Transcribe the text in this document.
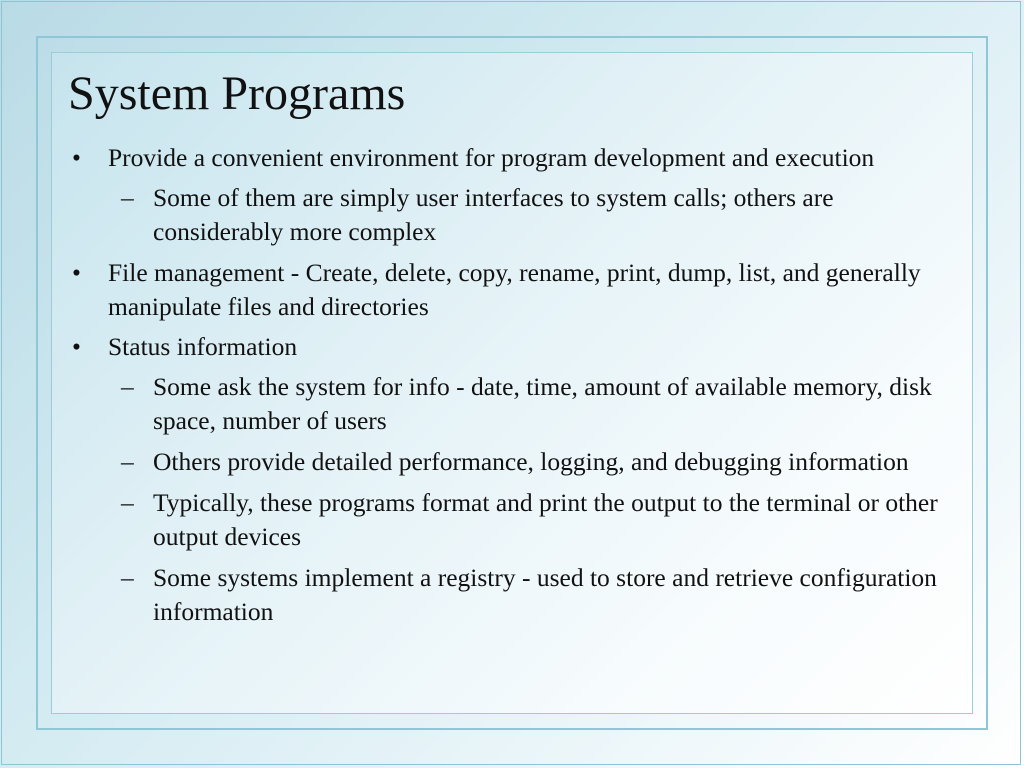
System Programs

• Provide a convenient environment for program development and execution

– Some of them are simply user interfaces to system calls; others are considerably more complex

• File management - Create, delete, copy, rename, print, dump, list, and generally manipulate files and directories

• Status information

– Some ask the system for info - date, time, amount of available memory, disk space, number of users

– Others provide detailed performance, logging, and debugging information

– Typically, these programs format and print the output to the terminal or other output devices

– Some systems implement a registry - used to store and retrieve configuration information
